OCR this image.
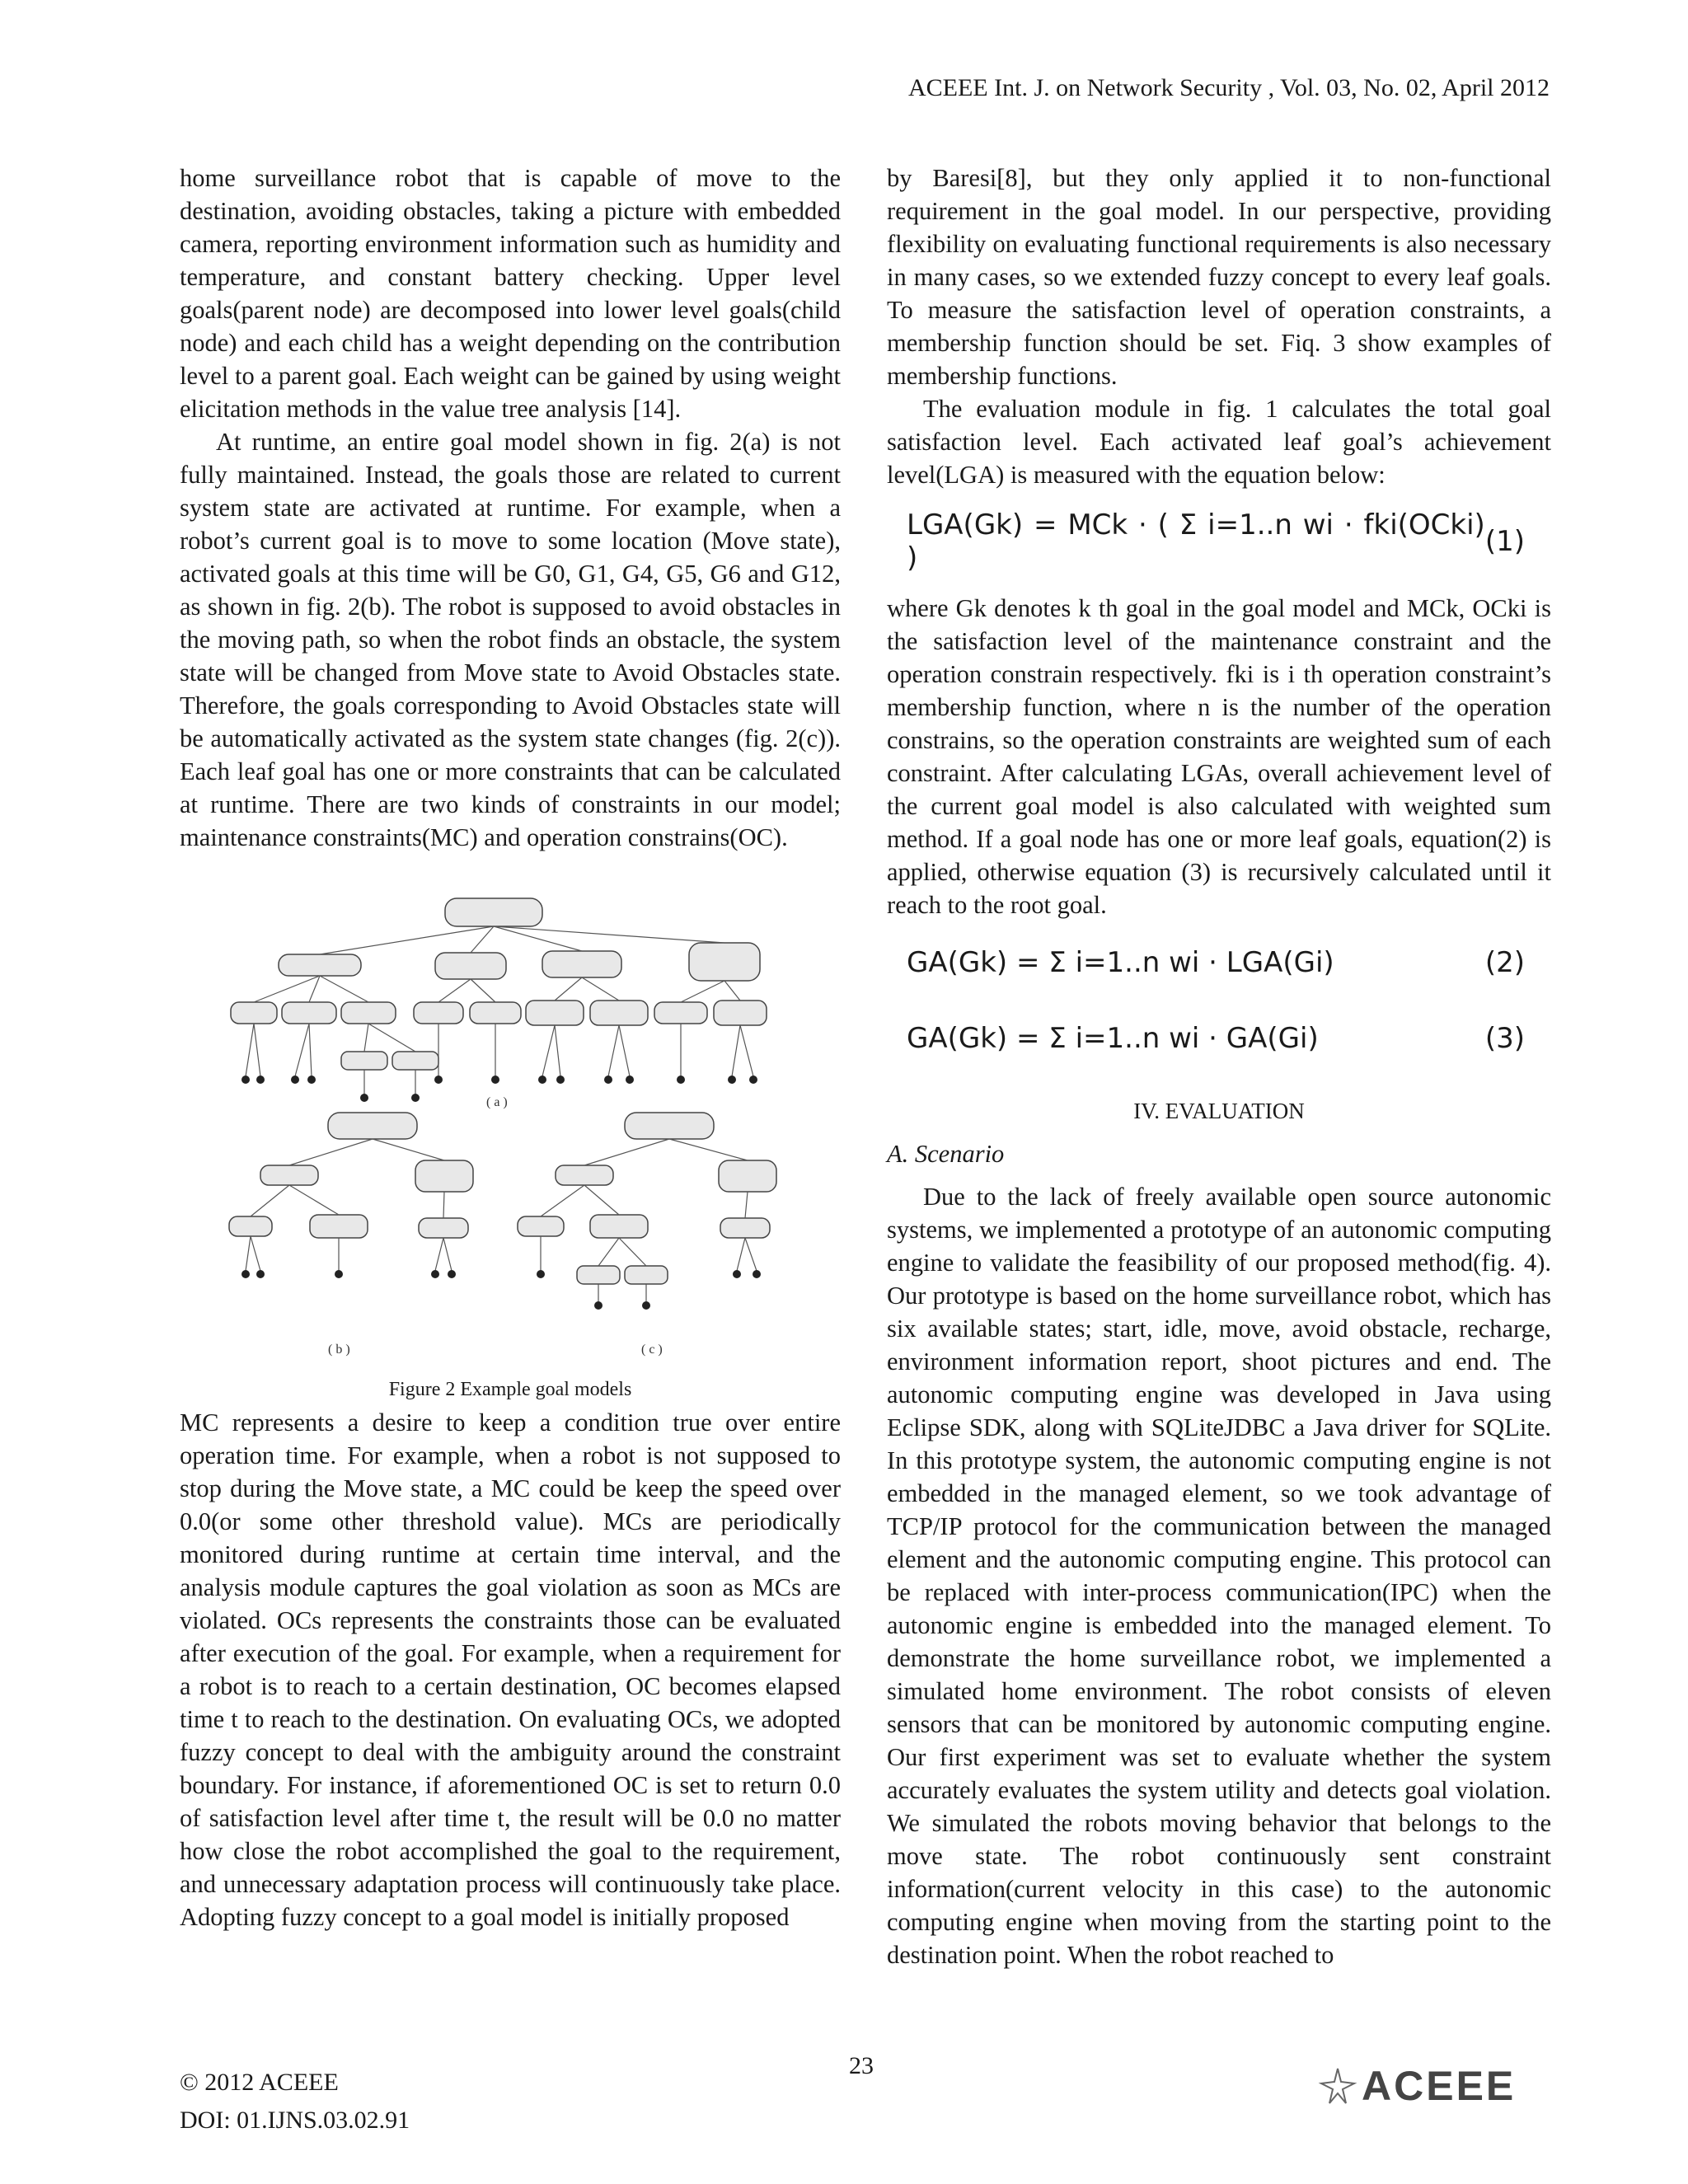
ACEEE Int. J. on Network Security , Vol. 03, No. 02, April 2012

home surveillance robot that is capable of move to the destination, avoiding obstacles, taking a picture with embedded camera, reporting environment information such as humidity and temperature, and constant battery checking. Upper level goals(parent node) are decomposed into lower level goals(child node) and each child has a weight depending on the contribution level to a parent goal. Each weight can be gained by using weight elicitation methods in the value tree analysis [14].

At runtime, an entire goal model shown in fig. 2(a) is not fully maintained. Instead, the goals those are related to current system state are activated at runtime. For example, when a robot’s current goal is to move to some location (Move state), activated goals at this time will be G0, G1, G4, G5, G6 and G12, as shown in fig. 2(b). The robot is supposed to avoid obstacles in the moving path, so when the robot finds an obstacle, the system state will be changed from Move state to Avoid Obstacles state. Therefore, the goals corresponding to Avoid Obstacles state will be automatically activated as the system state changes (fig. 2(c)). Each leaf goal has one or more constraints that can be calculated at runtime. There are two kinds of constraints in our model; maintenance constraints(MC) and operation constrains(OC).

( a )
( b )	( c )

Figure 2 Example goal models

MC represents a desire to keep a condition true over entire operation time. For example, when a robot is not supposed to stop during the Move state, a MC could be keep the speed over 0.0(or some other threshold value). MCs are periodically monitored during runtime at certain time interval, and the analysis module captures the goal violation as soon as MCs are violated. OCs represents the constraints those can be evaluated after execution of the goal. For example, when a requirement for a robot is to reach to a certain destination, OC becomes elapsed time t to reach to the destination. On evaluating OCs, we adopted fuzzy concept to deal with the ambiguity around the constraint boundary. For instance, if aforementioned OC is set to return 0.0 of satisfaction level after time t, the result will be 0.0 no matter how close the robot accomplished the goal to the requirement, and unnecessary adaptation process will continuously take place. Adopting fuzzy concept to a goal model is initially proposed

by Baresi[8], but they only applied it to non-functional requirement in the goal model. In our perspective, providing flexibility on evaluating functional requirements is also necessary in many cases, so we extended fuzzy concept to every leaf goals. To measure the satisfaction level of operation constraints, a membership function should be set. Fiq. 3 show examples of membership functions.

The evaluation module in fig. 1 calculates the total goal satisfaction level. Each activated leaf goal’s achievement level(LGA) is measured with the equation below:

LGA(Gk) = MCk · ( Σ i=1..n wi · fki(OCki) )	(1)

where Gk denotes k th goal in the goal model and MCk, OCki is the satisfaction level of the maintenance constraint and the operation constrain respectively. fki is i th operation constraint’s membership function, where n is the number of the operation constrains, so the operation constraints are weighted sum of each constraint. After calculating LGAs, overall achievement level of the current goal model is also calculated with weighted sum method. If a goal node has one or more leaf goals, equation(2) is applied, otherwise equation (3) is recursively calculated until it reach to the root goal.

GA(Gk) = Σ i=1..n wi · LGA(Gi)	(2)
GA(Gk) = Σ i=1..n wi · GA(Gi)	(3)
IV. EVALUATION
A. Scenario

Due to the lack of freely available open source autonomic systems, we implemented a prototype of an autonomic computing engine to validate the feasibility of our proposed method(fig. 4). Our prototype is based on the home surveillance robot, which has six available states; start, idle, move, avoid obstacle, recharge, environment information report, shoot pictures and end. The autonomic computing engine was developed in Java using Eclipse SDK, along with SQLiteJDBC a Java driver for SQLite. In this prototype system, the autonomic computing engine is not embedded in the managed element, so we took advantage of TCP/IP protocol for the communication between the managed element and the autonomic computing engine. This protocol can be replaced with inter-process communication(IPC) when the autonomic engine is embedded into the managed element. To demonstrate the home surveillance robot, we implemented a simulated home environment. The robot consists of eleven sensors that can be monitored by autonomic computing engine. Our first experiment was set to evaluate whether the system accurately evaluates the system utility and detects goal violation. We simulated the robots moving behavior that belongs to the move state. The robot continuously sent constraint information(current velocity in this case) to the autonomic computing engine when moving from the starting point to the destination point. When the robot reached to

© 2012 ACEEE
DOI: 01.IJNS.03.02.91
23	ACEEE
